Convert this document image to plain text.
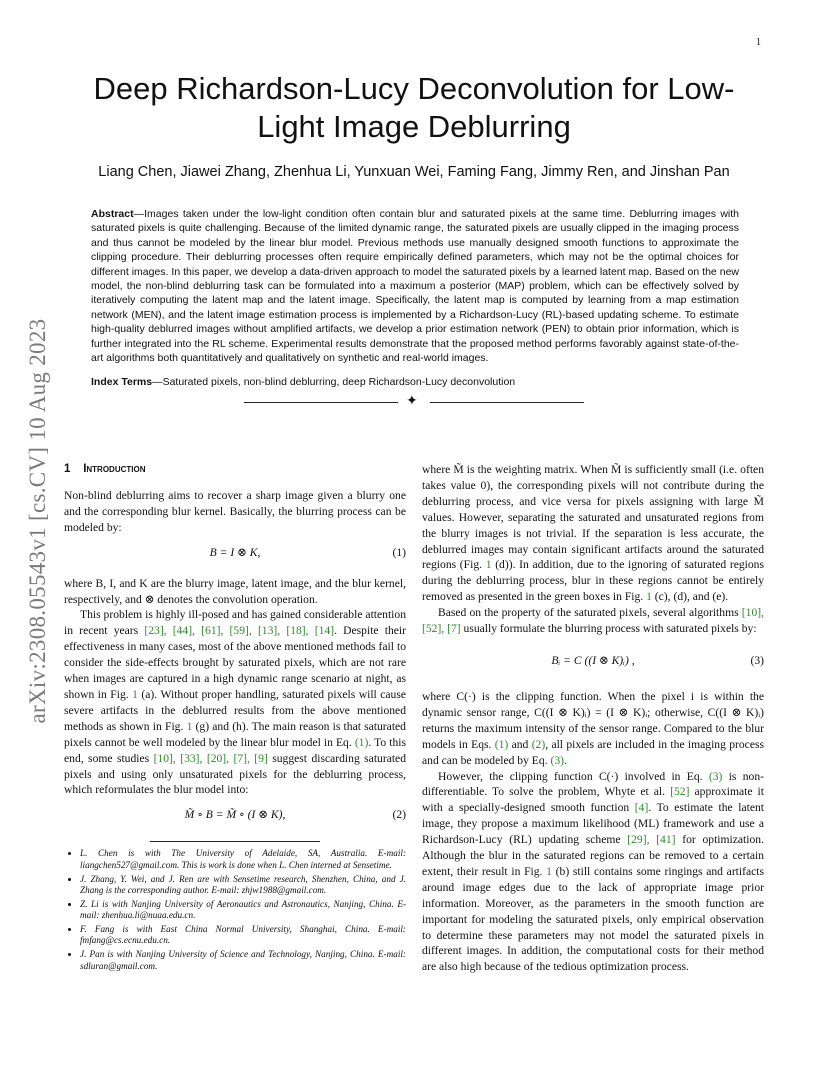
1
arXiv:2308.05543v1 [cs.CV] 10 Aug 2023
Deep Richardson-Lucy Deconvolution for Low-Light Image Deblurring
Liang Chen, Jiawei Zhang, Zhenhua Li, Yunxuan Wei, Faming Fang, Jimmy Ren, and Jinshan Pan
Abstract—Images taken under the low-light condition often contain blur and saturated pixels at the same time. Deblurring images with saturated pixels is quite challenging. Because of the limited dynamic range, the saturated pixels are usually clipped in the imaging process and thus cannot be modeled by the linear blur model. Previous methods use manually designed smooth functions to approximate the clipping procedure. Their deblurring processes often require empirically defined parameters, which may not be the optimal choices for different images. In this paper, we develop a data-driven approach to model the saturated pixels by a learned latent map. Based on the new model, the non-blind deblurring task can be formulated into a maximum a posterior (MAP) problem, which can be effectively solved by iteratively computing the latent map and the latent image. Specifically, the latent map is computed by learning from a map estimation network (MEN), and the latent image estimation process is implemented by a Richardson-Lucy (RL)-based updating scheme. To estimate high-quality deblurred images without amplified artifacts, we develop a prior estimation network (PEN) to obtain prior information, which is further integrated into the RL scheme. Experimental results demonstrate that the proposed method performs favorably against state-of-the-art algorithms both quantitatively and qualitatively on synthetic and real-world images.
Index Terms—Saturated pixels, non-blind deblurring, deep Richardson-Lucy deconvolution
✦
1 Introduction

Non-blind deblurring aims to recover a sharp image given a blurry one and the corresponding blur kernel. Basically, the blurring process can be modeled by:

B = I ⊗ K,	(1)

where B, I, and K are the blurry image, latent image, and the blur kernel, respectively, and ⊗ denotes the convolution operation.

This problem is highly ill-posed and has gained considerable attention in recent years [23], [44], [61], [59], [13], [18], [14]. Despite their effectiveness in many cases, most of the above mentioned methods fail to consider the side-effects brought by saturated pixels, which are not rare when images are captured in a high dynamic range scenario at night, as shown in Fig. 1 (a). Without proper handling, saturated pixels will cause severe artifacts in the deblurred results from the above mentioned methods as shown in Fig. 1 (g) and (h). The main reason is that saturated pixels cannot be well modeled by the linear blur model in Eq. (1). To this end, some studies [10], [33], [20], [7], [9] suggest discarding saturated pixels and using only unsaturated pixels for the deblurring process, which reformulates the blur model into:

M̃ ∘ B = M̃ ∘ (I ⊗ K),	(2)
• L. Chen is with The University of Adelaide, SA, Australia. E-mail: liangchen527@gmail.com. This is work is done when L. Chen interned at Sensetime.
• J. Zhang, Y. Wei, and J. Ren are with Sensetime research, Shenzhen, China, and J. Zhang is the corresponding author. E-mail: zhjw1988@gmail.com.
• Z. Li is with Nanjing University of Aeronautics and Astronautics, Nanjing, China. E-mail: zhenhua.li@nuaa.edu.cn.
• F. Fang is with East China Normal University, Shanghai, China. E-mail: fmfang@cs.ecnu.edu.cn.
• J. Pan is with Nanjing University of Science and Technology, Nanjing, China. E-mail: sdluran@gmail.com.

where M̃ is the weighting matrix. When M̃ is sufficiently small (i.e. often takes value 0), the corresponding pixels will not contribute during the deblurring process, and vice versa for pixels assigning with large M̃ values. However, separating the saturated and unsaturated regions from the blurry images is not trivial. If the separation is less accurate, the deblurred images may contain significant artifacts around the saturated regions (Fig. 1 (d)). In addition, due to the ignoring of saturated regions during the deblurring process, blur in these regions cannot be entirely removed as presented in the green boxes in Fig. 1 (c), (d), and (e).

Based on the property of the saturated pixels, several algorithms [10], [52], [7] usually formulate the blurring process with saturated pixels by:

Bᵢ = C ((I ⊗ K)ᵢ) ,	(3)

where C(·) is the clipping function. When the pixel i is within the dynamic sensor range, C((I ⊗ K)ᵢ) = (I ⊗ K)ᵢ; otherwise, C((I ⊗ K)ᵢ) returns the maximum intensity of the sensor range. Compared to the blur models in Eqs. (1) and (2), all pixels are included in the imaging process and can be modeled by Eq. (3).

However, the clipping function C(·) involved in Eq. (3) is non-differentiable. To solve the problem, Whyte et al. [52] approximate it with a specially-designed smooth function [4]. To estimate the latent image, they propose a maximum likelihood (ML) framework and use a Richardson-Lucy (RL) updating scheme [29], [41] for optimization. Although the blur in the saturated regions can be removed to a certain extent, their result in Fig. 1 (b) still contains some ringings and artifacts around image edges due to the lack of appropriate image prior information. Moreover, as the parameters in the smooth function are important for modeling the saturated pixels, only empirical observation to determine these parameters may not model the saturated pixels in different images. In addition, the computational costs for their method are also high because of the tedious optimization process.
